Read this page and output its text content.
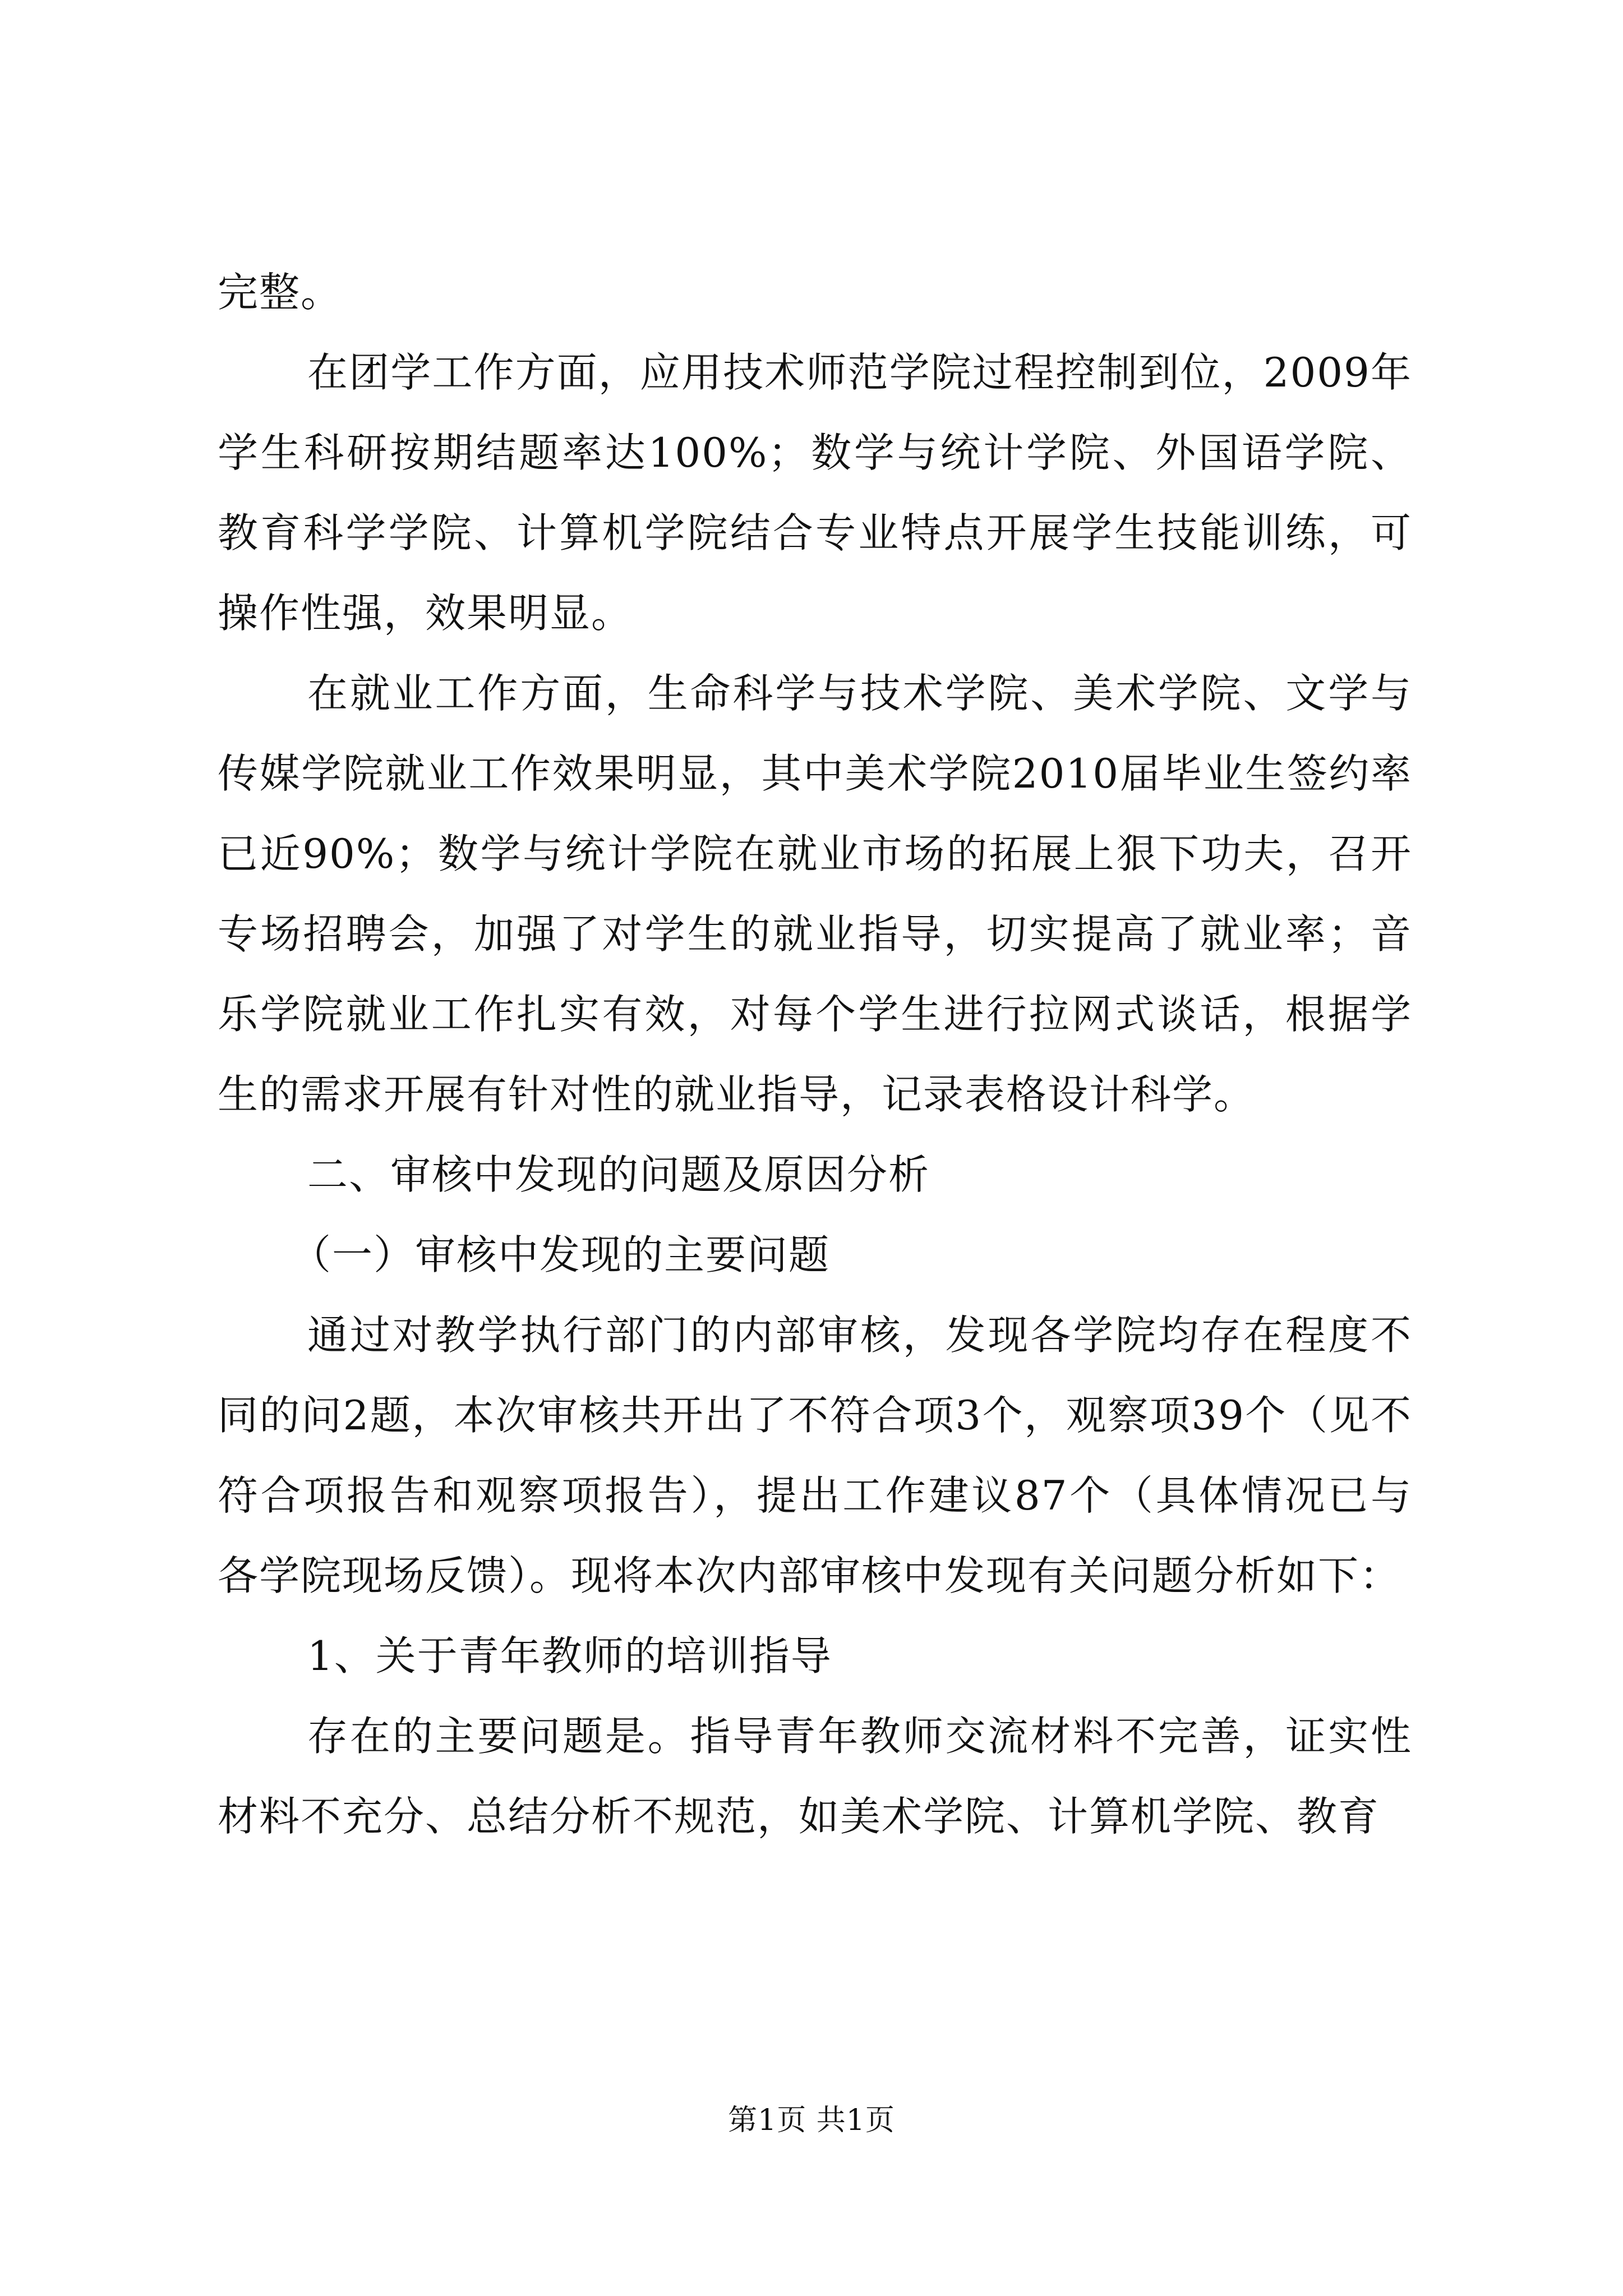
完整。

在团学工作方面，应用技术师范学院过程控制到位，2009年学生科研按期结题率达100%；数学与统计学院、外国语学院、教育科学学院、计算机学院结合专业特点开展学生技能训练，可操作性强，效果明显。

在就业工作方面，生命科学与技术学院、美术学院、文学与传媒学院就业工作效果明显，其中美术学院2010届毕业生签约率已近90%；数学与统计学院在就业市场的拓展上狠下功夫，召开专场招聘会，加强了对学生的就业指导，切实提高了就业率；音乐学院就业工作扎实有效，对每个学生进行拉网式谈话，根据学生的需求开展有针对性的就业指导，记录表格设计科学。

二、审核中发现的问题及原因分析

（一）审核中发现的主要问题

通过对教学执行部门的内部审核，发现各学院均存在程度不同的问2题，本次审核共开出了不符合项3个，观察项39个（见不符合项报告和观察项报告），提出工作建议87个（具体情况已与各学院现场反馈）。现将本次内部审核中发现有关问题分析如下：

1、关于青年教师的培训指导

存在的主要问题是。指导青年教师交流材料不完善，证实性材料不充分、总结分析不规范，如美术学院、计算机学院、教育

第1页 共1页
